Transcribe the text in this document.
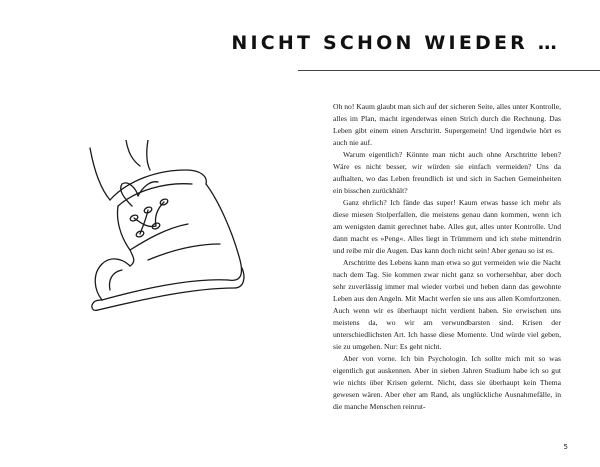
NICHT SCHON WIEDER …

Oh no! Kaum glaubt man sich auf der sicheren Seite, alles unter Kontrolle, alles im Plan, macht irgendetwas einen Strich durch die Rechnung. Das Leben gibt einem einen Arschtritt. Supergemein! Und irgendwie hört es auch nie auf.

Warum eigentlich? Könnte man nicht auch ohne Arschtritte leben? Wäre es nicht besser, wir würden sie einfach vermeiden? Uns da aufhalten, wo das Leben freundlich ist und sich in Sachen Gemeinheiten ein bisschen zurückhält?

Ganz ehrlich? Ich fände das super! Kaum etwas hasse ich mehr als diese miesen Stolperfallen, die meistens genau dann kommen, wenn ich am wenigsten damit gerechnet habe. Alles gut, alles unter Kontrolle. Und dann macht es »Peng«. Alles liegt in Trümmern und ich stehe mittendrin und reibe mir die Augen. Das kann doch nicht sein! Aber genau so ist es.

Arschtritte des Lebens kann man etwa so gut vermeiden wie die Nacht nach dem Tag. Sie kommen zwar nicht ganz so vorhersehbar, aber doch sehr zuverlässig immer mal wieder vorbei und heben dann das gewohnte Leben aus den Angeln. Mit Macht werfen sie uns aus allen Komfortzonen. Auch wenn wir es überhaupt nicht verdient haben. Sie erwischen uns meistens da, wo wir am verwundbarsten sind. Krisen der unterschiedlichsten Art. Ich hasse diese Momente. Und würde viel geben, sie zu umgehen. Nur: Es geht nicht.

Aber von vorne. Ich bin Psychologin. Ich sollte mich mit so was eigentlich gut auskennen. Aber in sieben Jahren Studium habe ich so gut wie nichts über Krisen gelernt. Nicht, dass sie überhaupt kein Thema gewesen wären. Aber eher am Rand, als unglückliche Ausnahmefälle, in die manche Menschen reinrut-

5
